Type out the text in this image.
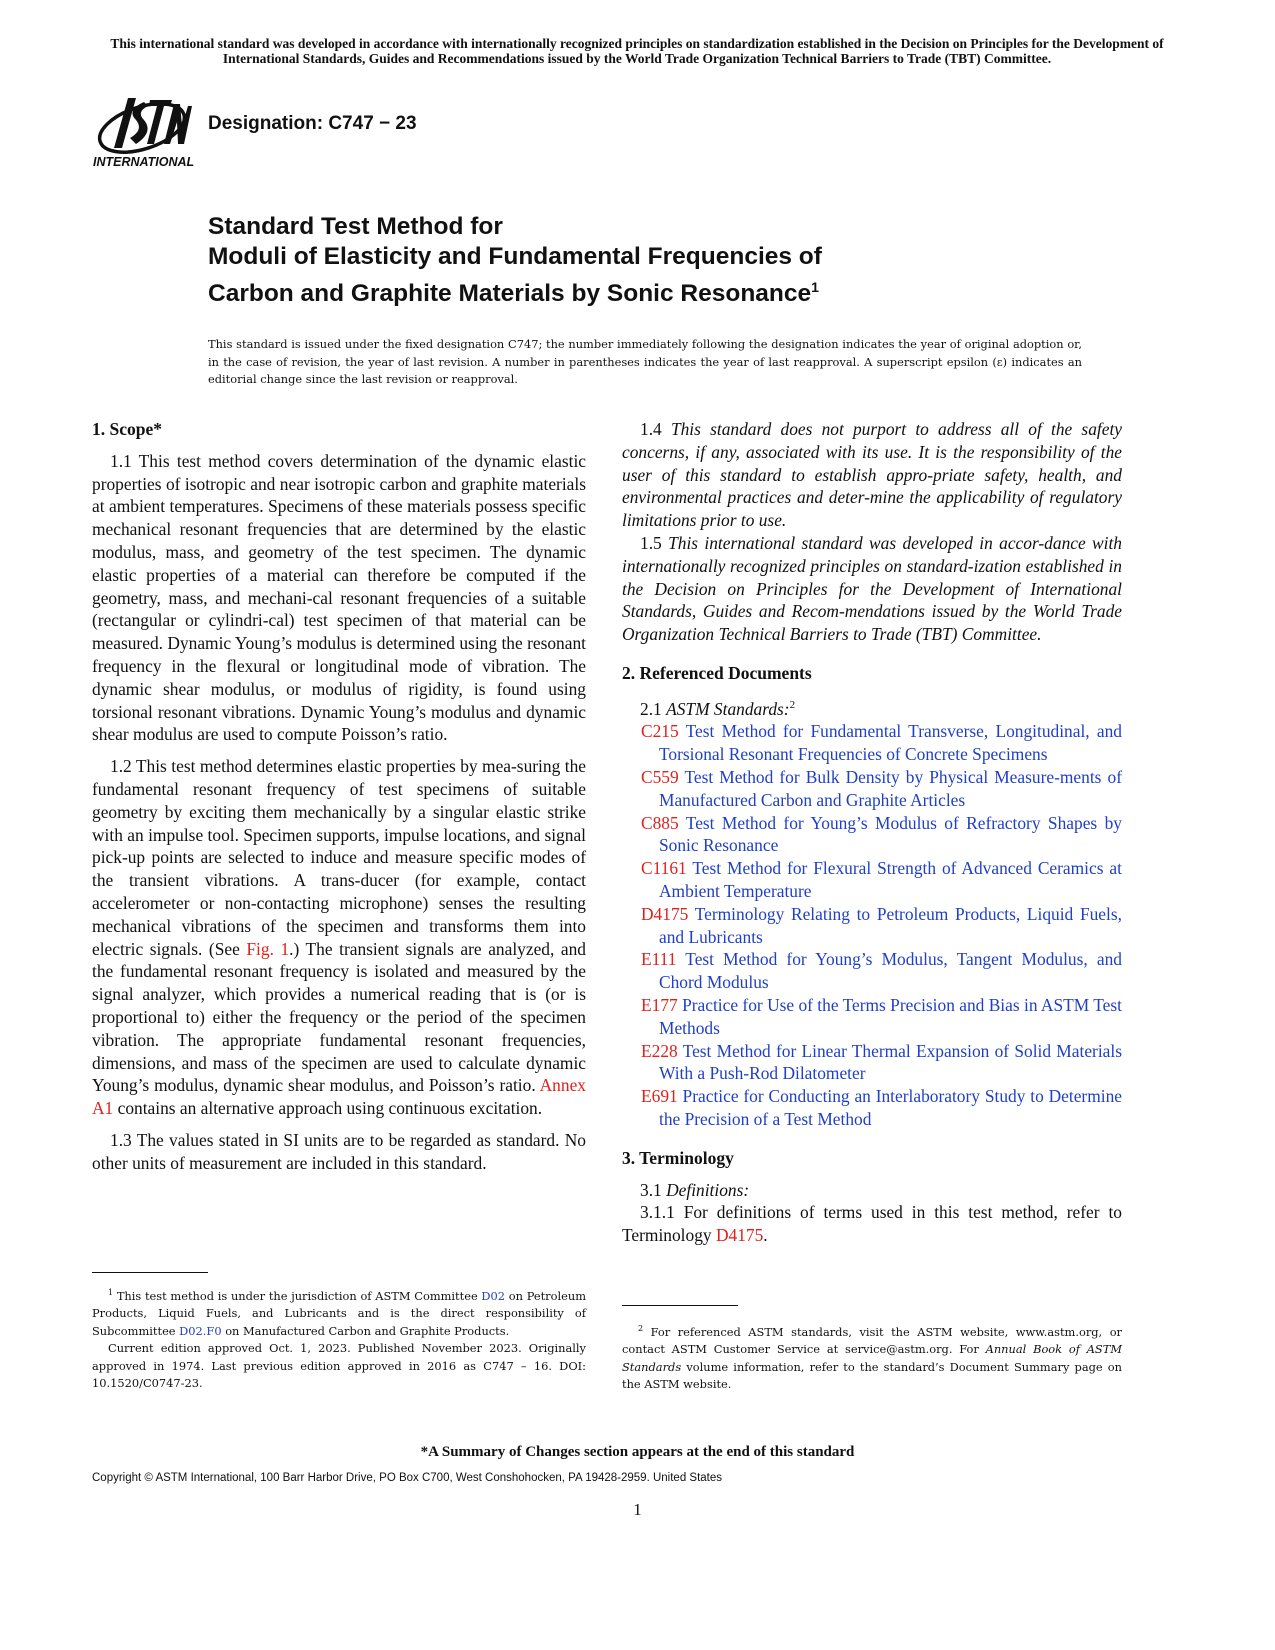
This international standard was developed in accordance with internationally recognized principles on standardization established in the Decision on Principles for the Development of International Standards, Guides and Recommendations issued by the World Trade Organization Technical Barriers to Trade (TBT) Committee.
INTERNATIONAL
Designation: C747 − 23
Standard Test Method for
Moduli of Elasticity and Fundamental Frequencies of
Carbon and Graphite Materials by Sonic Resonance$^1$
This standard is issued under the fixed designation C747; the number immediately following the designation indicates the year of original adoption or, in the case of revision, the year of last revision. A number in parentheses indicates the year of last reapproval. A superscript epsilon (ε) indicates an editorial change since the last revision or reapproval.
1. Scope*

1.1 This test method covers determination of the dynamic elastic properties of isotropic and near isotropic carbon and graphite materials at ambient temperatures. Specimens of these materials possess specific mechanical resonant frequencies that are determined by the elastic modulus, mass, and geometry of the test specimen. The dynamic elastic properties of a material can therefore be computed if the geometry, mass, and mechani-cal resonant frequencies of a suitable (rectangular or cylindri-cal) test specimen of that material can be measured. Dynamic Young’s modulus is determined using the resonant frequency in the flexural or longitudinal mode of vibration. The dynamic shear modulus, or modulus of rigidity, is found using torsional resonant vibrations. Dynamic Young’s modulus and dynamic shear modulus are used to compute Poisson’s ratio.

1.2 This test method determines elastic properties by mea-suring the fundamental resonant frequency of test specimens of suitable geometry by exciting them mechanically by a singular elastic strike with an impulse tool. Specimen supports, impulse locations, and signal pick-up points are selected to induce and measure specific modes of the transient vibrations. A trans-ducer (for example, contact accelerometer or non-contacting microphone) senses the resulting mechanical vibrations of the specimen and transforms them into electric signals. (See Fig. 1.) The transient signals are analyzed, and the fundamental resonant frequency is isolated and measured by the signal analyzer, which provides a numerical reading that is (or is proportional to) either the frequency or the period of the specimen vibration. The appropriate fundamental resonant frequencies, dimensions, and mass of the specimen are used to calculate dynamic Young’s modulus, dynamic shear modulus, and Poisson’s ratio. Annex A1 contains an alternative approach using continuous excitation.

1.3 The values stated in SI units are to be regarded as standard. No other units of measurement are included in this standard.

$^1$ This test method is under the jurisdiction of ASTM Committee D02 on Petroleum Products, Liquid Fuels, and Lubricants and is the direct responsibility of Subcommittee D02.F0 on Manufactured Carbon and Graphite Products.

Current edition approved Oct. 1, 2023. Published November 2023. Originally approved in 1974. Last previous edition approved in 2016 as C747 – 16. DOI: 10.1520/C0747-23.

1.4 This standard does not purport to address all of the safety concerns, if any, associated with its use. It is the responsibility of the user of this standard to establish appro-priate safety, health, and environmental practices and deter-mine the applicability of regulatory limitations prior to use.

1.5 This international standard was developed in accor-dance with internationally recognized principles on standard-ization established in the Decision on Principles for the Development of International Standards, Guides and Recom-mendations issued by the World Trade Organization Technical Barriers to Trade (TBT) Committee.

2. Referenced Documents

2.1 ASTM Standards:$^2$

C215 Test Method for Fundamental Transverse, Longitudinal, and Torsional Resonant Frequencies of Concrete Specimens

C559 Test Method for Bulk Density by Physical Measure-ments of Manufactured Carbon and Graphite Articles

C885 Test Method for Young’s Modulus of Refractory Shapes by Sonic Resonance

C1161 Test Method for Flexural Strength of Advanced Ceramics at Ambient Temperature

D4175 Terminology Relating to Petroleum Products, Liquid Fuels, and Lubricants

E111 Test Method for Young’s Modulus, Tangent Modulus, and Chord Modulus

E177 Practice for Use of the Terms Precision and Bias in ASTM Test Methods

E228 Test Method for Linear Thermal Expansion of Solid Materials With a Push-Rod Dilatometer

E691 Practice for Conducting an Interlaboratory Study to Determine the Precision of a Test Method

3. Terminology

3.1 Definitions:

3.1.1 For definitions of terms used in this test method, refer to Terminology D4175.

$^2$ For referenced ASTM standards, visit the ASTM website, www.astm.org, or contact ASTM Customer Service at service@astm.org. For Annual Book of ASTM Standards volume information, refer to the standard’s Document Summary page on the ASTM website.

*A Summary of Changes section appears at the end of this standard
Copyright © ASTM International, 100 Barr Harbor Drive, PO Box C700, West Conshohocken, PA 19428-2959. United States
1
